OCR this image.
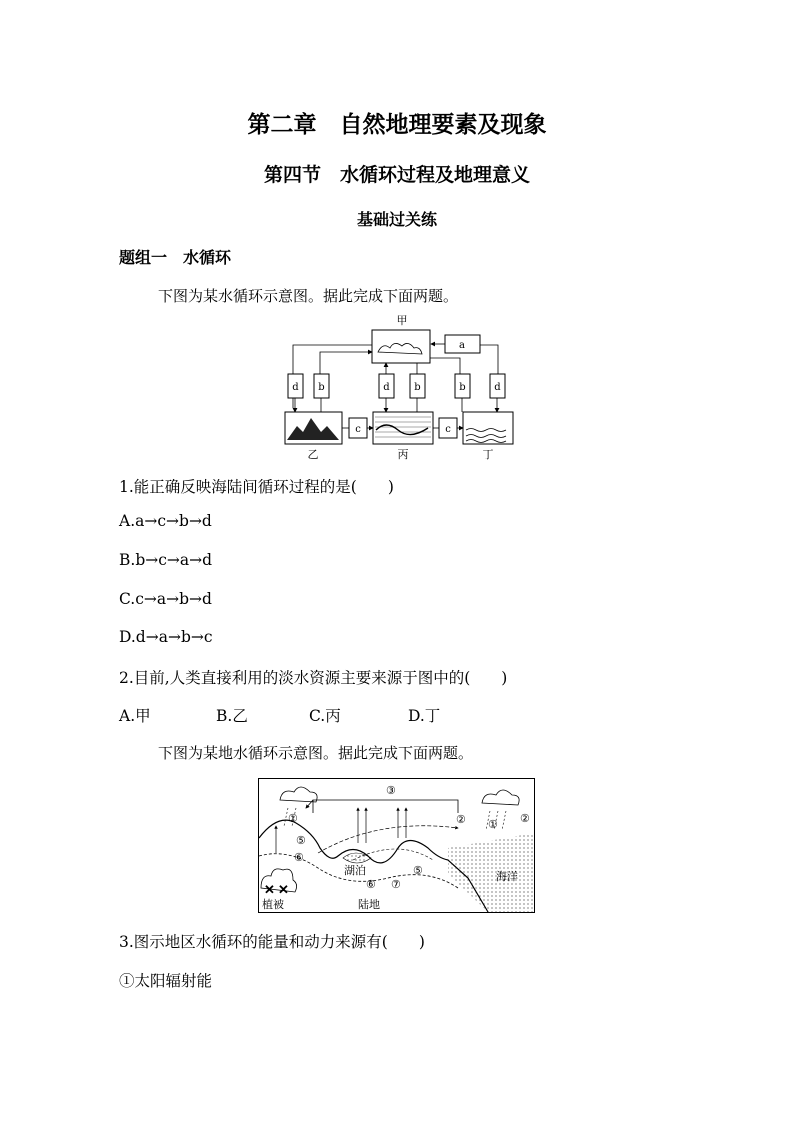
第二章　自然地理要素及现象
第四节　水循环过程及地理意义
基础过关练
题组一　水循环
下图为某水循环示意图。据此完成下面两题。
甲
a
d b	d b	b	d
c	c
乙	丙	丁
1.能正确反映海陆间循环过程的是(　　)
A.a→c→b→d
B.b→c→a→d
C.c→a→b→d
D.d→a→b→c
2.目前,人类直接利用的淡水资源主要来源于图中的(　　)
A.甲	B.乙	C.丙	D.丁
下图为某地水循环示意图。据此完成下面两题。
①	①
②	②
③
⑤
⑤
⑥
⑥ ⑦
湖泊	海洋
✕ ✕
植被	陆地
3.图示地区水循环的能量和动力来源有(　　)
①太阳辐射能
